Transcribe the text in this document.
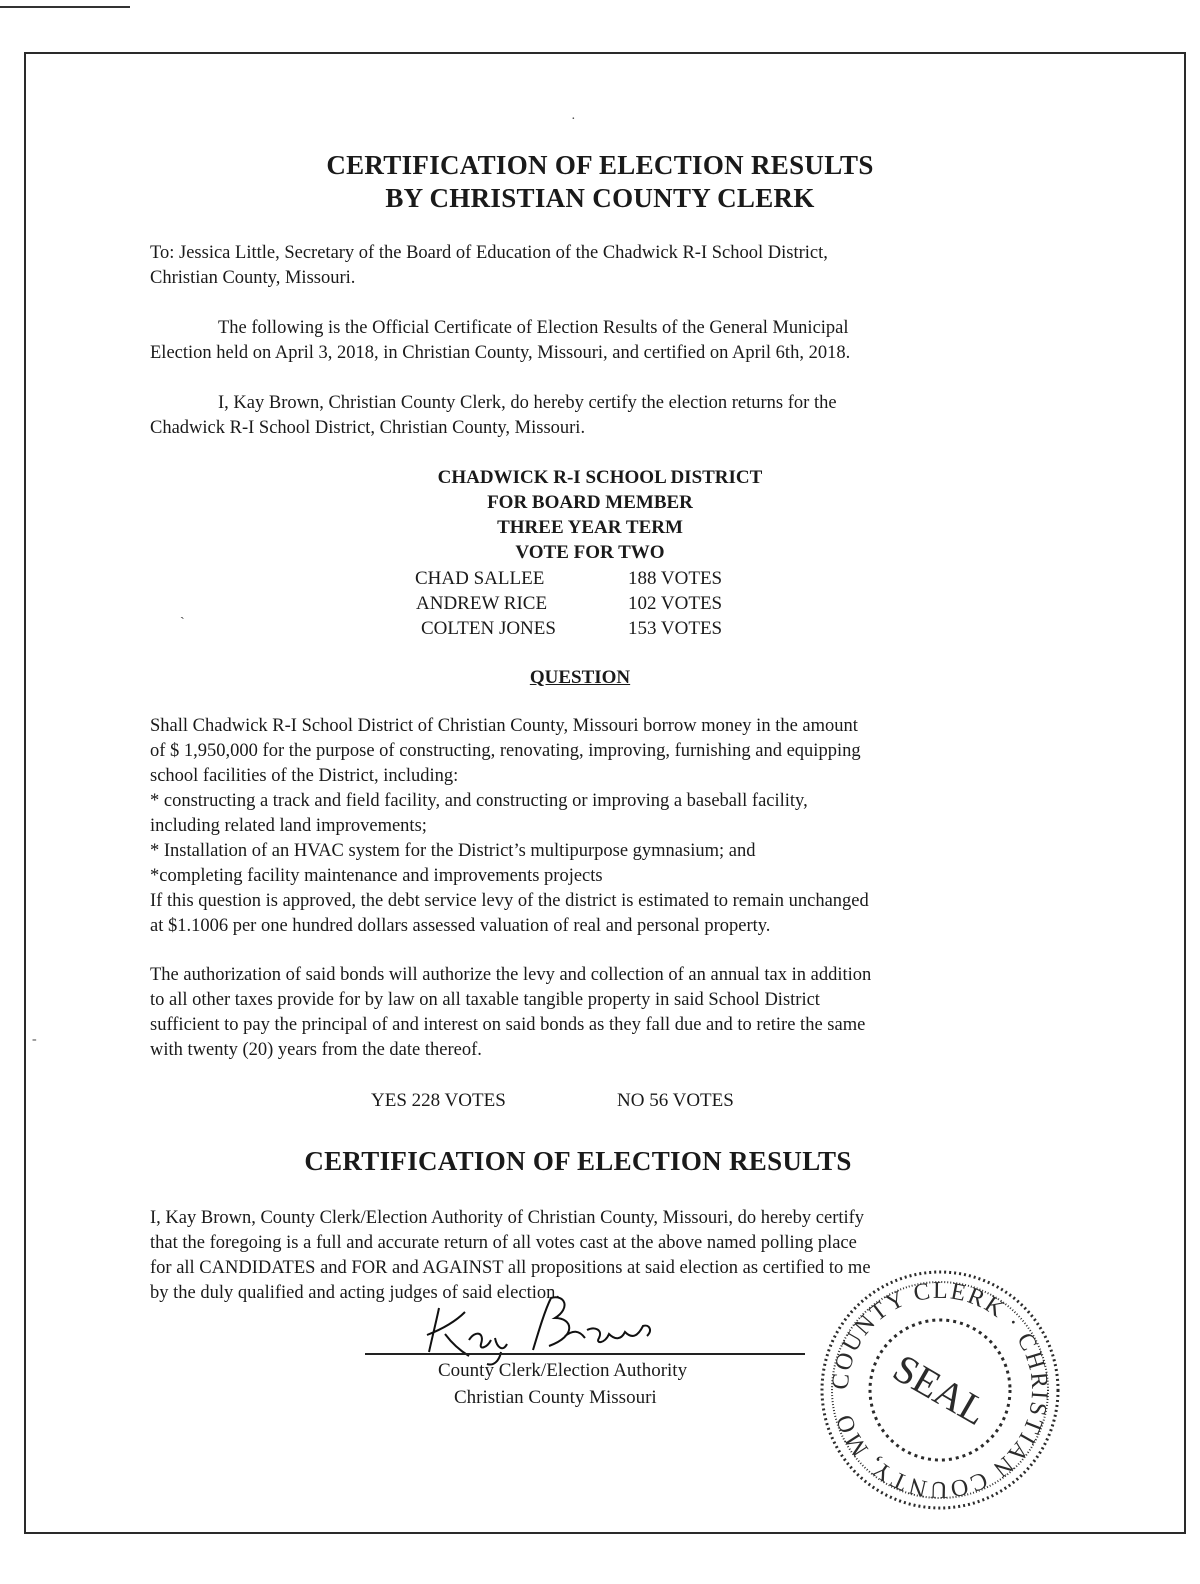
·
ˏ
-
CERTIFICATION OF ELECTION RESULTS
BY CHRISTIAN COUNTY CLERK
To: Jessica Little, Secretary of the Board of Education of the Chadwick R-I School District,
Christian County, Missouri.
The following is the Official Certificate of Election Results of the General Municipal
Election held on April 3, 2018, in Christian County, Missouri, and certified on April 6th, 2018.
I, Kay Brown, Christian County Clerk, do hereby certify the election returns for the
Chadwick R-I School District, Christian County, Missouri.
CHADWICK R-I SCHOOL DISTRICT
FOR BOARD MEMBER
THREE YEAR TERM
VOTE FOR TWO
CHAD SALLEE	188 VOTES
ANDREW RICE	102 VOTES
COLTEN JONES	153 VOTES
QUESTION
Shall Chadwick R-I School District of Christian County, Missouri borrow money in the amount
of $ 1,950,000 for the purpose of constructing, renovating, improving, furnishing and equipping
school facilities of the District, including:
* constructing a track and field facility, and constructing or improving a baseball facility,
including related land improvements;
* Installation of an HVAC system for the District’s multipurpose gymnasium; and
*completing facility maintenance and improvements projects
If this question is approved, the debt service levy of the district is estimated to remain unchanged
at $1.1006 per one hundred dollars assessed valuation of real and personal property.
The authorization of said bonds will authorize the levy and collection of an annual tax in addition
to all other taxes provide for by law on all taxable tangible property in said School District
sufficient to pay the principal of and interest on said bonds as they fall due and to retire the same
with twenty (20) years from the date thereof.
YES 228 VOTES	NO 56 VOTES
CERTIFICATION OF ELECTION RESULTS
I, Kay Brown, County Clerk/Election Authority of Christian County, Missouri, do hereby certify
that the foregoing is a full and accurate return of all votes cast at the above named polling place
for all CANDIDATES and FOR and AGAINST all propositions at said election as certified to me
by the duly qualified and acting judges of said election.
County Clerk/Election Authority
Christian County Missouri
COUNTY CLERK · CHRISTIAN COUNTY, MO SEAL
